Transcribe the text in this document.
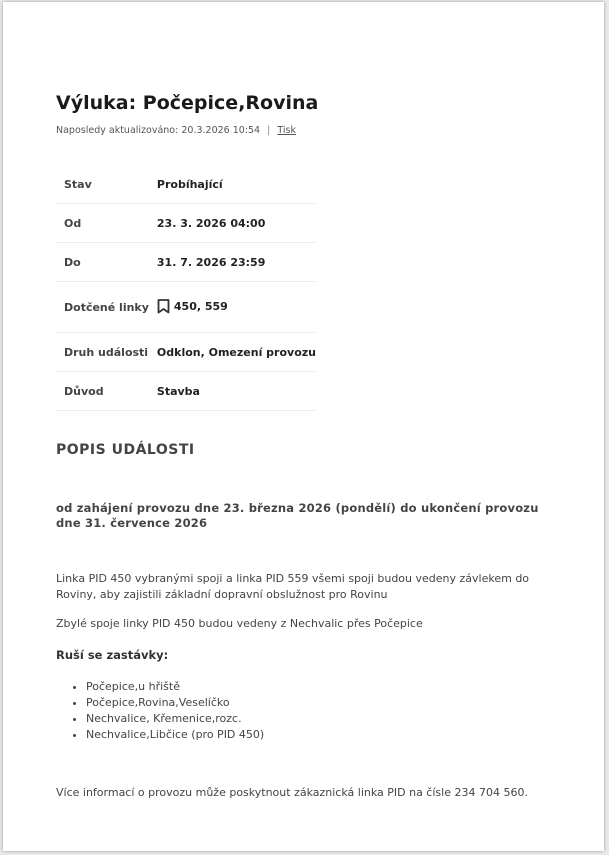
Výluka: Počepice,Rovina
Naposledy aktualizováno: 20.3.2026 10:54 | Tisk
Stav	Probíhající
Od	23. 3. 2026 04:00
Do	31. 7. 2026 23:59
Dotčené linky	450, 559

Druh události	Odklon, Omezení provozu
Důvod	Stavba
POPIS UDÁLOSTI
od zahájení provozu dne 23. března 2026 (pondělí) do ukončení provozu dne 31. července 2026

Linka PID 450 vybranými spoji a linka PID 559 všemi spoji budou vedeny závlekem do Roviny, aby zajistili základní dopravní obslužnost pro Rovinu

Zbylé spoje linky PID 450 budou vedeny z Nechvalic přes Počepice

Ruší se zastávky:

• Počepice,u hřiště
• Počepice,Rovina,Veselíčko
• Nechvalice, Křemenice,rozc.
• Nechvalice,Libčice (pro PID 450)

Více informací o provozu může poskytnout zákaznická linka PID na čísle 234 704 560.
